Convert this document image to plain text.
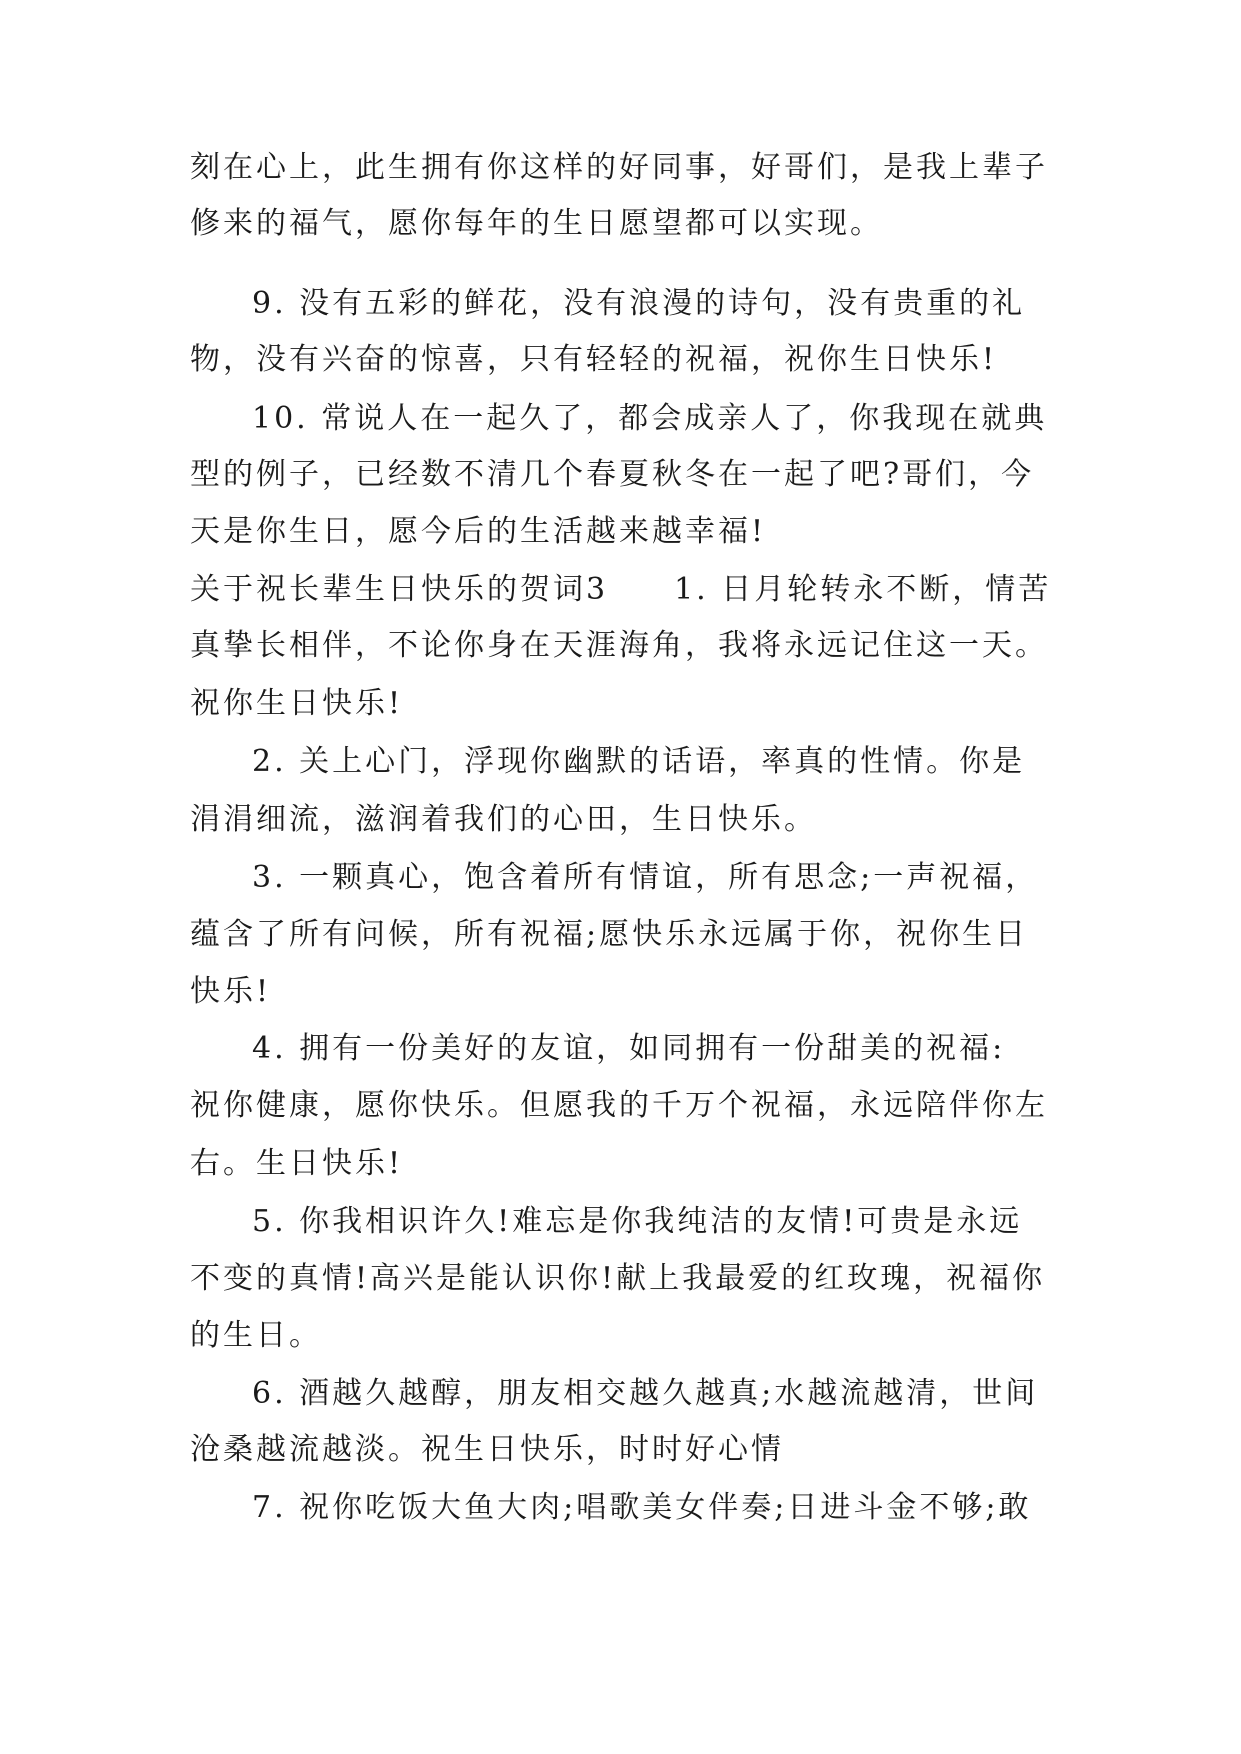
刻在心上，此生拥有你这样的好同事，好哥们，是我上辈子
修来的福气，愿你每年的生日愿望都可以实现。
9. 没有五彩的鲜花，没有浪漫的诗句，没有贵重的礼
物，没有兴奋的惊喜，只有轻轻的祝福，祝你生日快乐!
10. 常说人在一起久了，都会成亲人了，你我现在就典
型的例子，已经数不清几个春夏秋冬在一起了吧?哥们，今
天是你生日，愿今后的生活越来越幸福!
关于祝长辈生日快乐的贺词3　　1. 日月轮转永不断，情苦
真挚长相伴，不论你身在天涯海角，我将永远记住这一天。
祝你生日快乐!
2. 关上心门，浮现你幽默的话语，率真的性情。你是
涓涓细流，滋润着我们的心田，生日快乐。
3. 一颗真心，饱含着所有情谊，所有思念;一声祝福，
蕴含了所有问候，所有祝福;愿快乐永远属于你，祝你生日
快乐!
4. 拥有一份美好的友谊，如同拥有一份甜美的祝福:
祝你健康，愿你快乐。但愿我的千万个祝福，永远陪伴你左
右。生日快乐!
5. 你我相识许久!难忘是你我纯洁的友情!可贵是永远
不变的真情!高兴是能认识你!献上我最爱的红玫瑰，祝福你
的生日。
6. 酒越久越醇，朋友相交越久越真;水越流越清，世间
沧桑越流越淡。祝生日快乐，时时好心情
7. 祝你吃饭大鱼大肉;唱歌美女伴奏;日进斗金不够;敢
